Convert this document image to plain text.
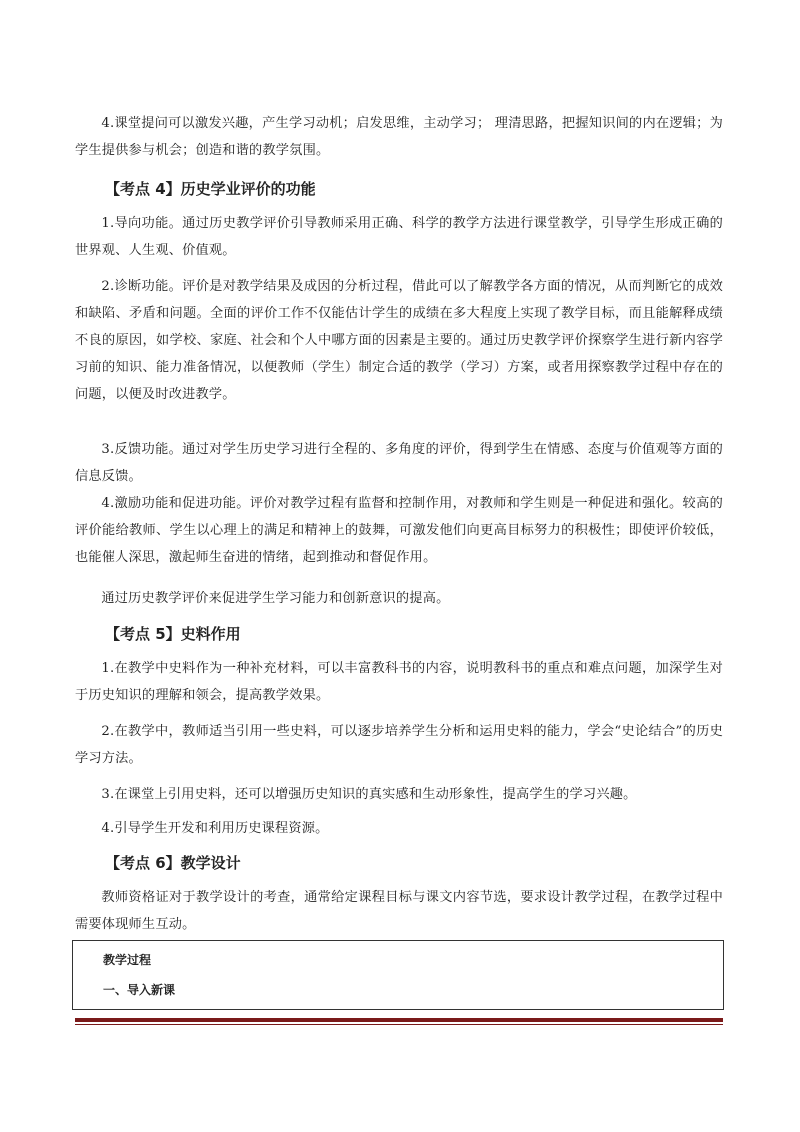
4.课堂提问可以激发兴趣，产生学习动机；启发思维，主动学习； 理清思路，把握知识间的内在逻辑；为学生提供参与机会；创造和谐的教学氛围。

【考点 4】历史学业评价的功能

1.导向功能。通过历史教学评价引导教师采用正确、科学的教学方法进行课堂教学，引导学生形成正确的世界观、人生观、价值观。

2.诊断功能。评价是对教学结果及成因的分析过程，借此可以了解教学各方面的情况，从而判断它的成效和缺陷、矛盾和问题。全面的评价工作不仅能估计学生的成绩在多大程度上实现了教学目标，而且能解释成绩不良的原因，如学校、家庭、社会和个人中哪方面的因素是主要的。通过历史教学评价探察学生进行新内容学习前的知识、能力准备情况，以便教师（学生）制定合适的教学（学习）方案，或者用探察教学过程中存在的问题，以便及时改进教学。

3.反馈功能。通过对学生历史学习进行全程的、多角度的评价，得到学生在情感、态度与价值观等方面的信息反馈。

4.激励功能和促进功能。评价对教学过程有监督和控制作用，对教师和学生则是一种促进和强化。较高的评价能给教师、学生以心理上的满足和精神上的鼓舞，可激发他们向更高目标努力的积极性；即使评价较低，也能催人深思，激起师生奋进的情绪，起到推动和督促作用。

通过历史教学评价来促进学生学习能力和创新意识的提高。

【考点 5】史料作用

1.在教学中史料作为一种补充材料，可以丰富教科书的内容，说明教科书的重点和难点问题，加深学生对于历史知识的理解和领会，提高教学效果。

2.在教学中，教师适当引用一些史料，可以逐步培养学生分析和运用史料的能力，学会“史论结合”的历史学习方法。

3.在课堂上引用史料，还可以增强历史知识的真实感和生动形象性，提高学生的学习兴趣。

4.引导学生开发和利用历史课程资源。

【考点 6】教学设计

教师资格证对于教学设计的考查，通常给定课程目标与课文内容节选，要求设计教学过程，在教学过程中需要体现师生互动。

教学过程

一、导入新课
